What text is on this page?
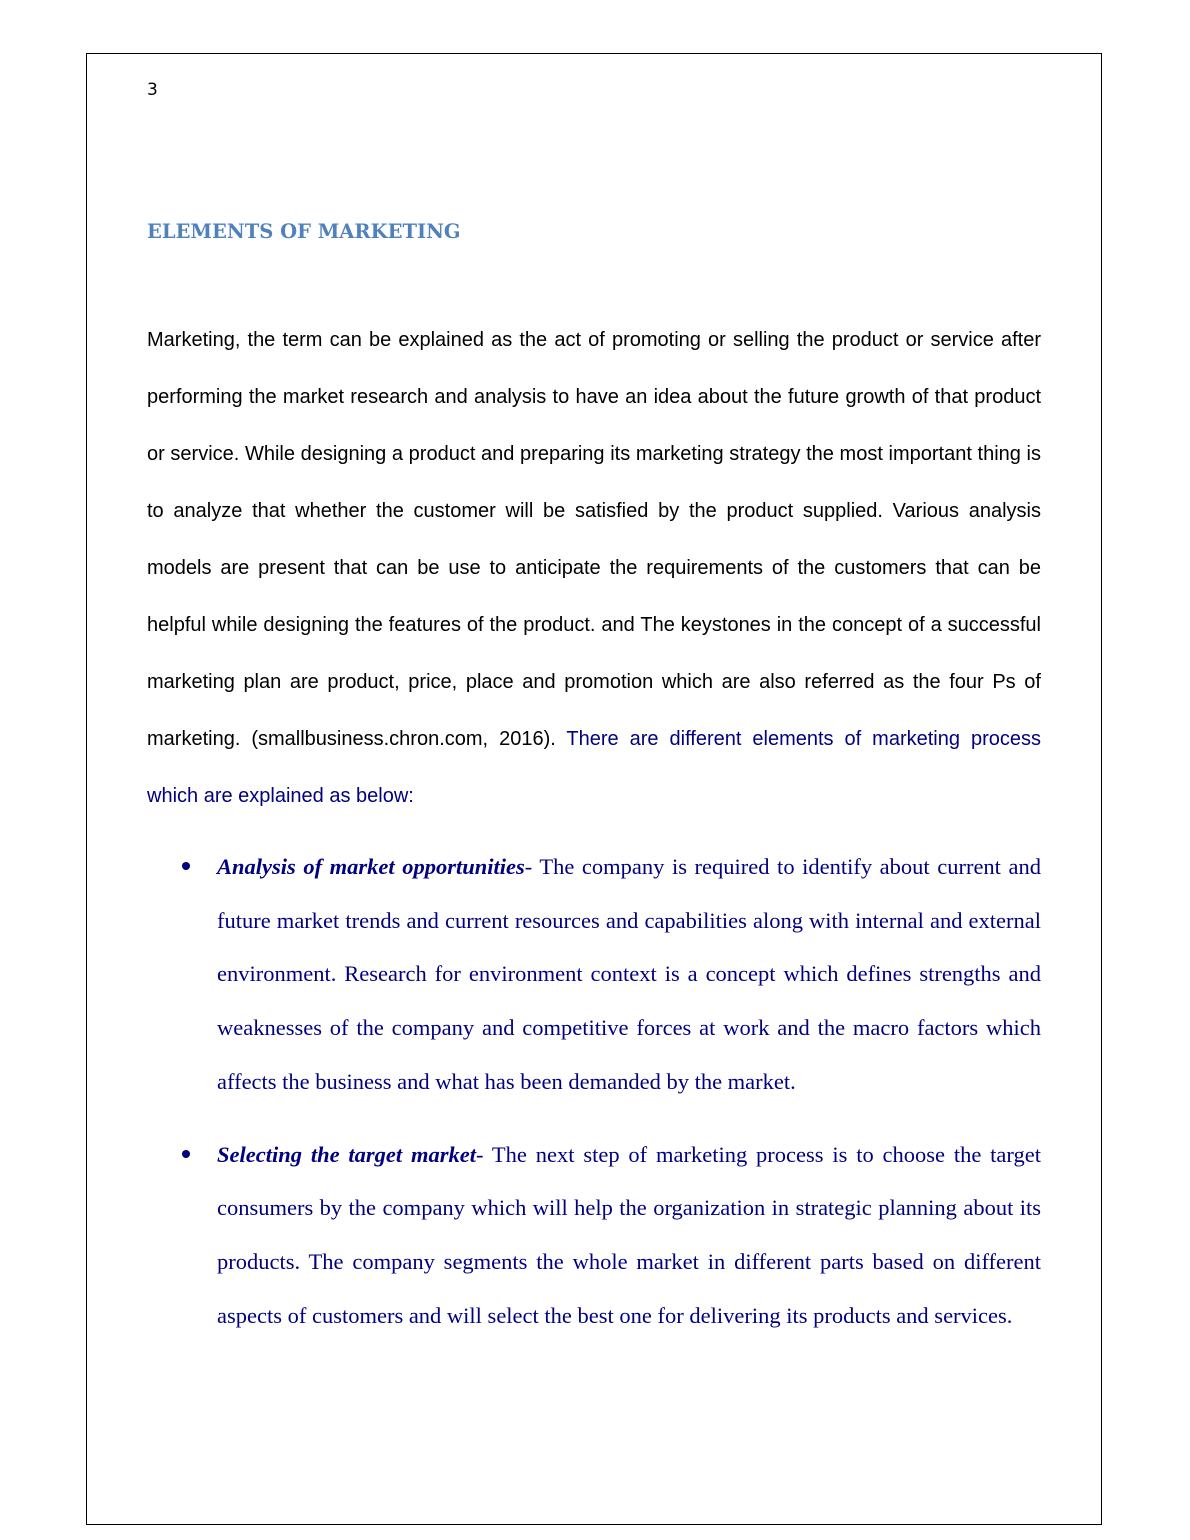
3
ELEMENTS OF MARKETING

Marketing, the term can be explained as the act of promoting or selling the product or service after performing the market research and analysis to have an idea about the future growth of that product or service. While designing a product and preparing its marketing strategy the most important thing is to analyze that whether the customer will be satisfied by the product supplied. Various analysis models are present that can be use to anticipate the requirements of the customers that can be helpful while designing the features of the product. and The keystones in the concept of a successful marketing plan are product, price, place and promotion which are also referred as the four Ps of marketing. (smallbusiness.chron.com, 2016). There are different elements of marketing process which are explained as below:

Analysis of market opportunities- The company is required to identify about current and future market trends and current resources and capabilities along with internal and external environment. Research for environment context is a concept which defines strengths and weaknesses of the company and competitive forces at work and the macro factors which affects the business and what has been demanded by the market.
Selecting the target market- The next step of marketing process is to choose the target consumers by the company which will help the organization in strategic planning about its products. The company segments the whole market in different parts based on different aspects of customers and will select the best one for delivering its products and services.
